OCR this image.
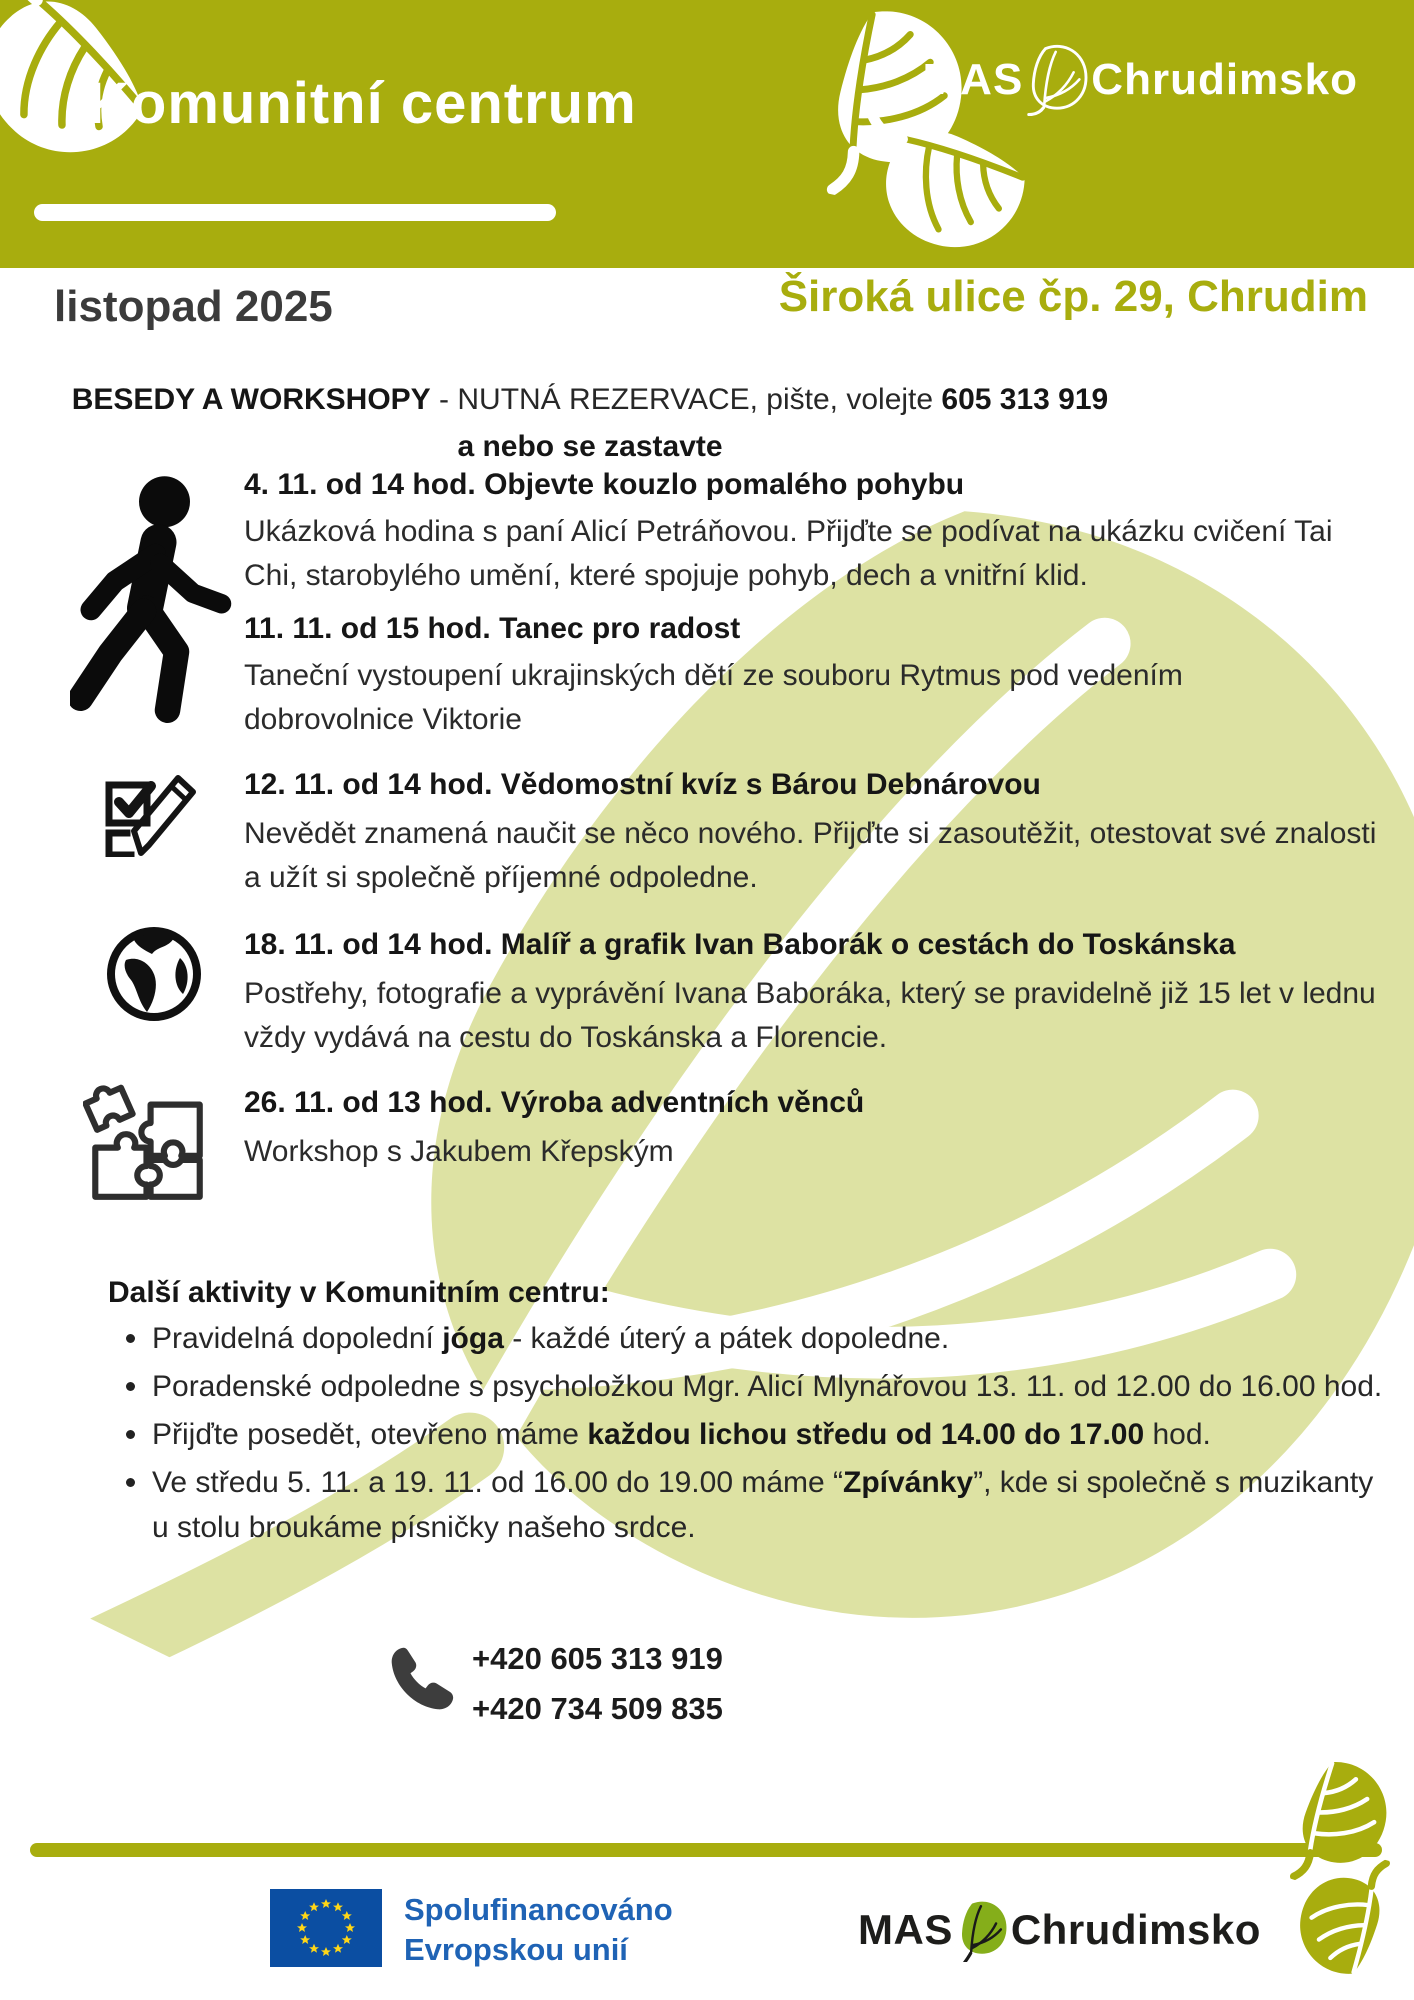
Komunitní centrum	MAS Chrudimsko
listopad 2025	Široká ulice čp. 29, Chrudim
BESEDY A WORKSHOPY - NUTNÁ REZERVACE, pište, volejte 605 313 919
a nebo se zastavte
4. 11. od 14 hod. Objevte kouzlo pomalého pohybu
Ukázková hodina s paní Alicí Petráňovou. Přijďte se podívat na ukázku cvičení Tai Chi, starobylého umění, které spojuje pohyb, dech a vnitřní klid.
11. 11. od 15 hod. Tanec pro radost
Taneční vystoupení ukrajinských dětí ze souboru Rytmus pod vedením dobrovolnice Viktorie
12. 11. od 14 hod. Vědomostní kvíz s Bárou Debnárovou
Nevědět znamená naučit se něco nového. Přijďte si zasoutěžit, otestovat své znalosti a užít si společně příjemné odpoledne.
18. 11. od 14 hod. Malíř a grafik Ivan Baborák o cestách do Toskánska
Postřehy, fotografie a vyprávění Ivana Baboráka, který se pravidelně již 15 let v lednu vždy vydává na cestu do Toskánska a Florencie.
26. 11. od 13 hod. Výroba adventních věnců
Workshop s Jakubem Křepským
Další aktivity v Komunitním centru:
Pravidelná dopolední jóga - každé úterý a pátek dopoledne.
Poradenské odpoledne s psycholožkou Mgr. Alicí Mlynářovou 13. 11. od 12.00 do 16.00 hod.
Přijďte posedět, otevřeno máme každou lichou středu od 14.00 do 17.00 hod.
Ve středu 5. 11. a 19. 11. od 16.00 do 19.00 máme “Zpívánky”, kde si společně s muzikanty u stolu broukáme písničky našeho srdce.
+420 605 313 919
+420 734 509 835
Spolufinancováno
Evropskou unií	MAS Chrudimsko
